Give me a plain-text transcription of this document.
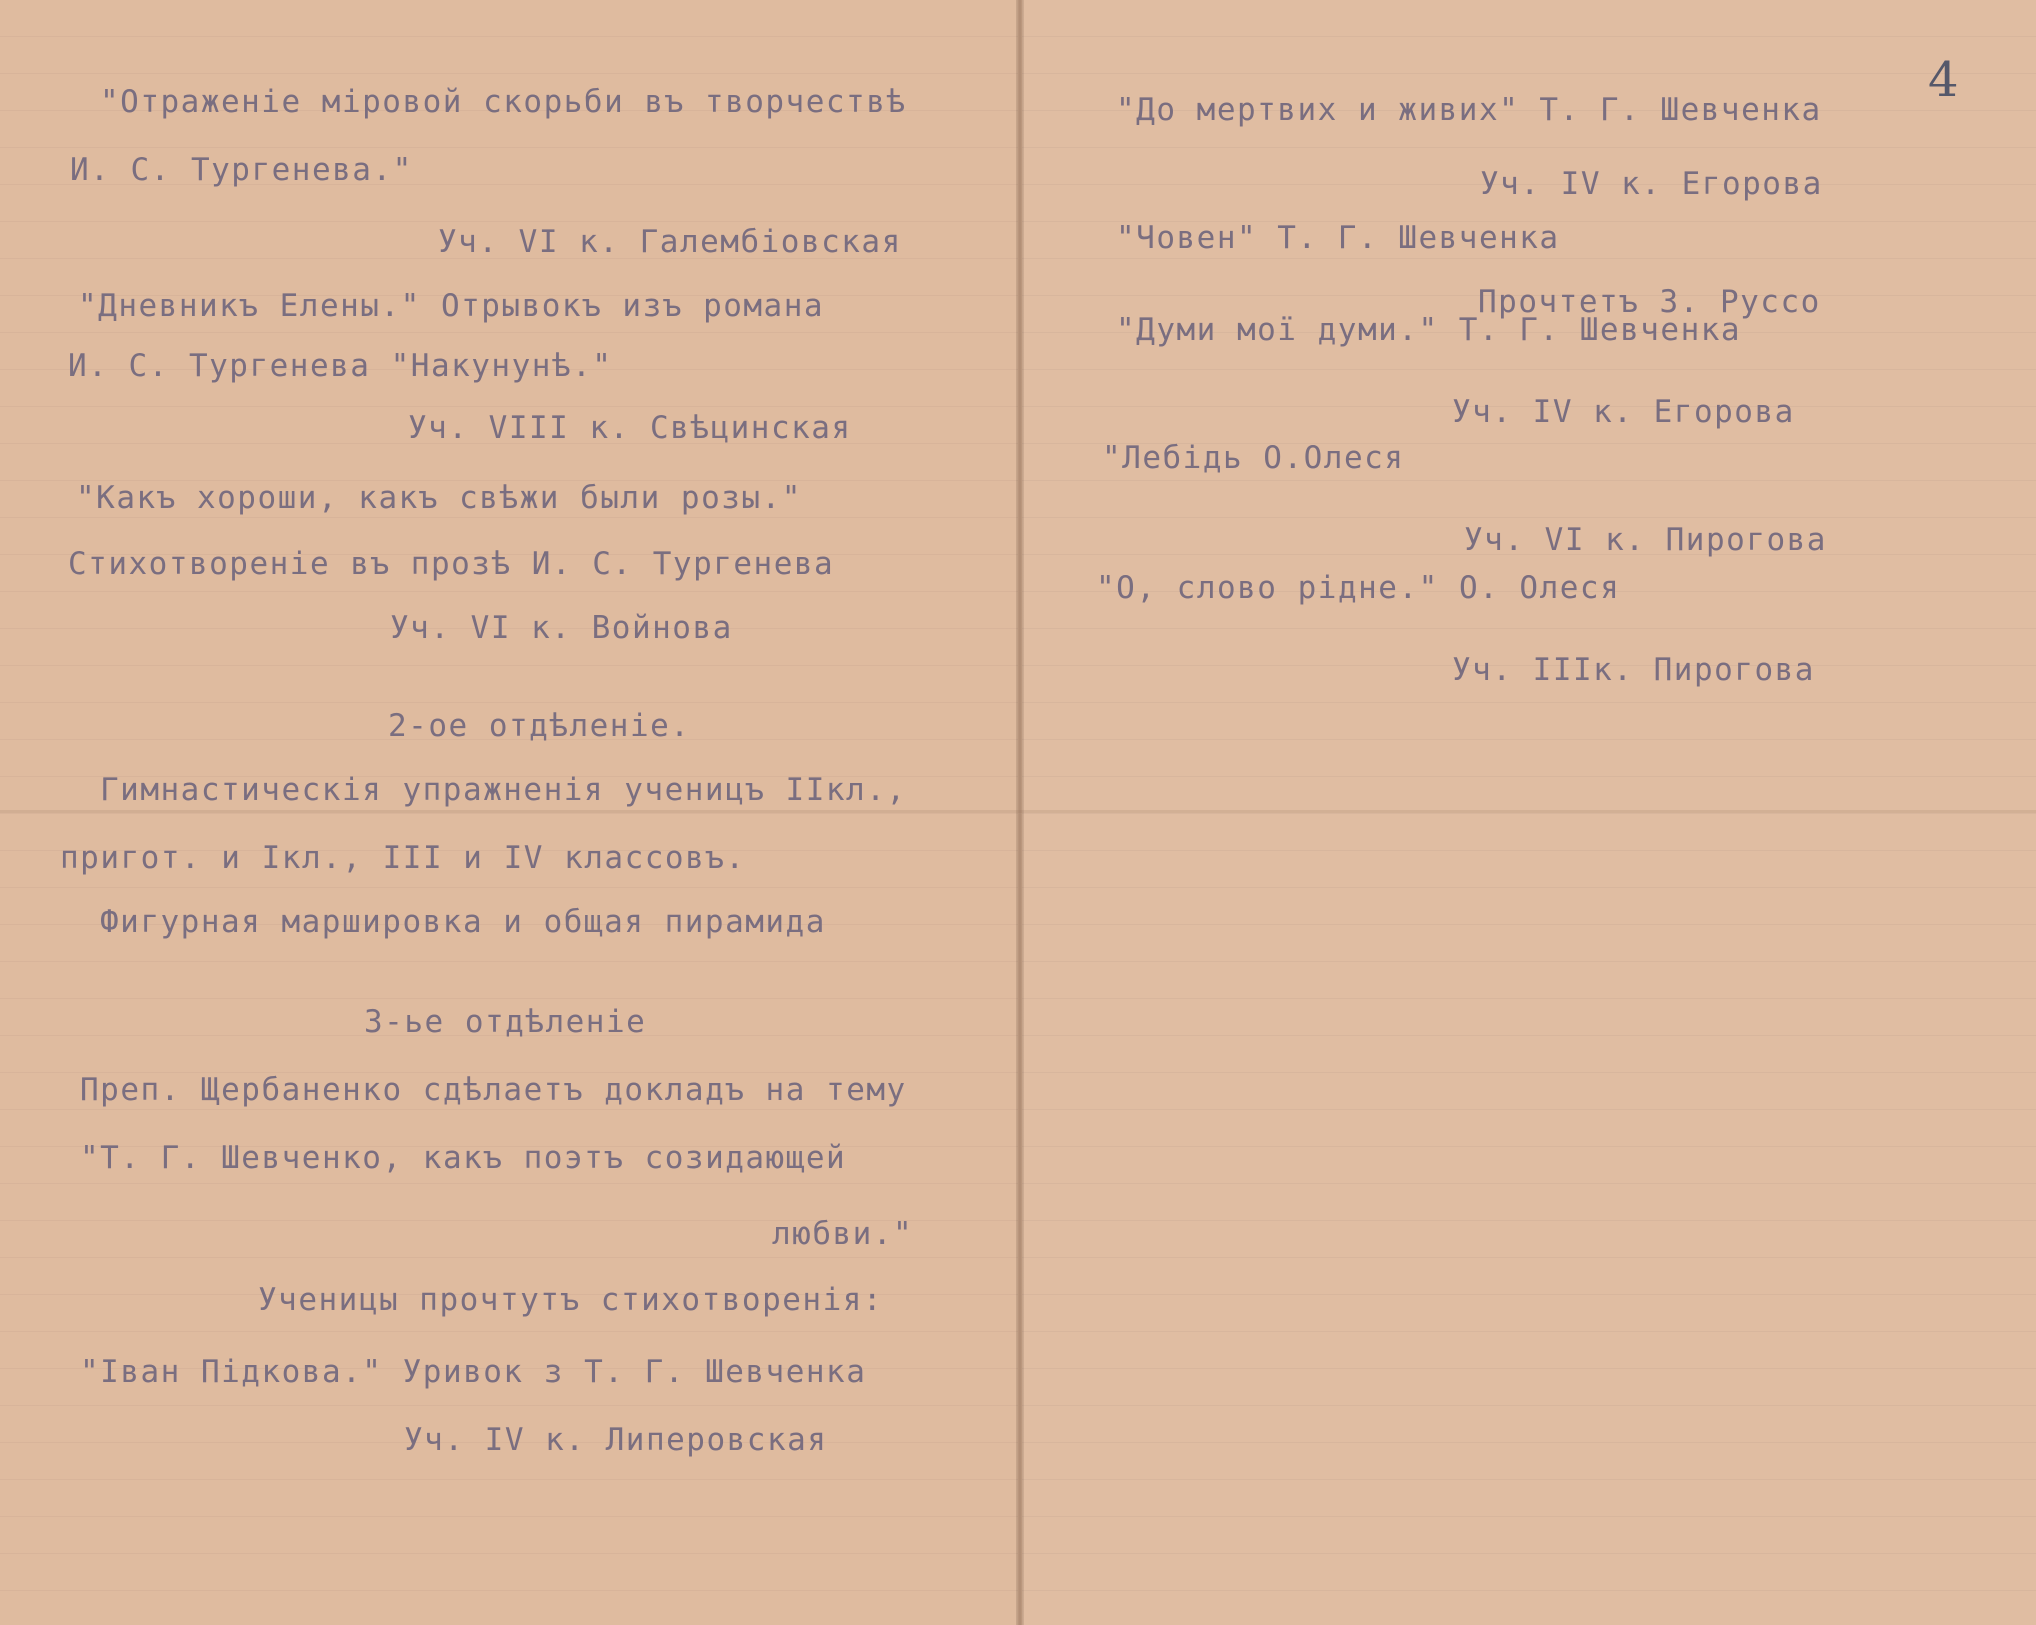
"Отраженіе міровой скорьби въ творчествѣ
И. С. Тургенева."
Уч. VI к. Галембіовская
"Дневникъ Елены." Отрывокъ изъ романа
И. С. Тургенева "Накунунѣ."
Уч. VIII к. Свѣцинская
"Какъ хороши, какъ свѣжи были розы."
Стихотвореніе въ прозѣ И. С. Тургенева
Уч. VI к. Войнова
2-ое отдѣленіе.
Гимнастическія упражненія ученицъ IIкл.,
пригот. и Iкл., III и IV классовъ.
Фигурная маршировка и общая пирамида
3-ье отдѣленіе
Преп. Щербаненко сдѣлаетъ докладъ на тему
"Т. Г. Шевченко, какъ поэтъ созидающей
любви."
Ученицы прочтутъ стихотворенія:
"Іван Підкова." Уривок з Т. Г. Шевченка
Уч. IV к. Липеровская
"До мертвих и живих" Т. Г. Шевченка
Уч. IV к. Егорова
"Човен" Т. Г. Шевченка
Прочтетъ З. Руссо
"Думи мої думи." Т. Г. Шевченка
Уч. IV к. Егорова
"Лебідь О.Олеся
Уч. VI к. Пирогова
"О, слово рідне." О. Олеся
Уч. IIIк. Пирогова
4
